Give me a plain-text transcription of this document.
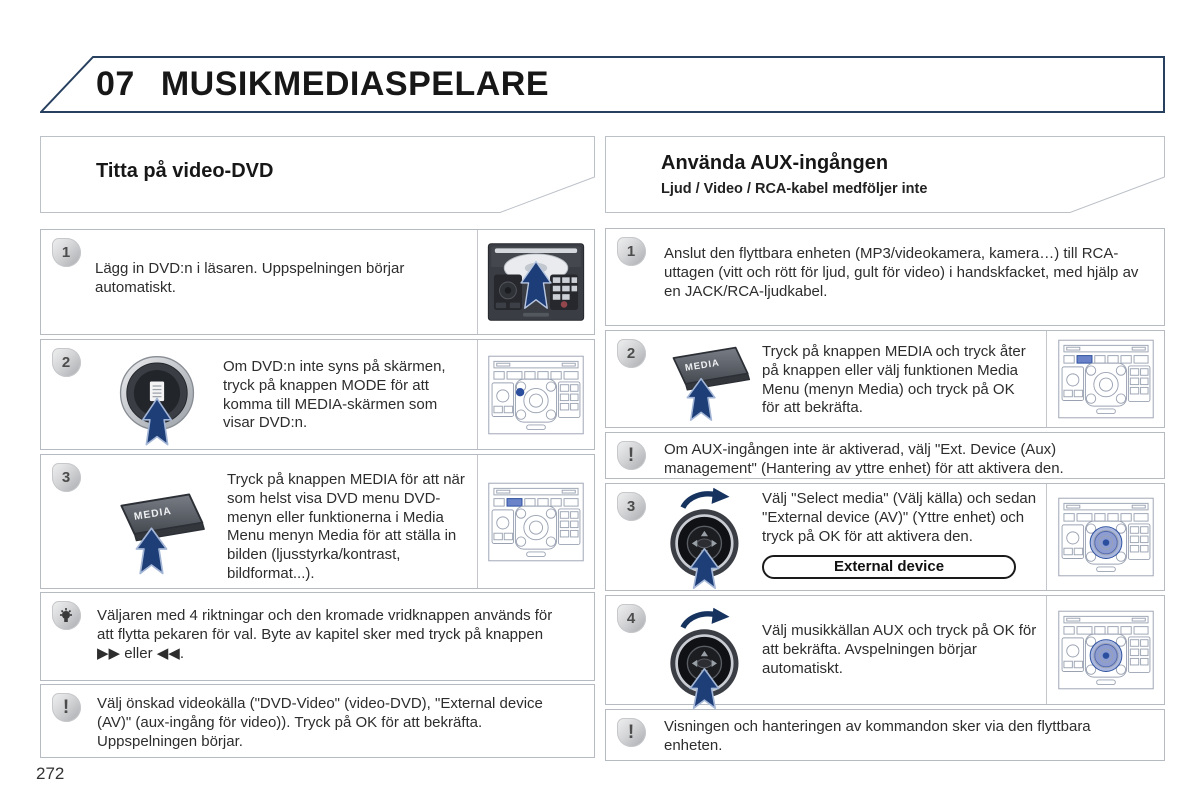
07 MUSIKMEDIASPELARE
Titta på video-DVD	Använda AUX-ingången

Ljud / Video / RCA-kabel medföljer inte

1

Lägg in DVD:n i läsaren. Uppspelningen börjar automatiskt.

2	Om DVD:n inte syns på skärmen, tryck på knappen MODE för att komma till MEDIA-skärmen som visar DVD:n.

3
MEDIA

Tryck på knappen MEDIA för att när som helst visa DVD menu DVD-menyn eller funktionerna i Media Menu menyn Media för att ställa in bilden (ljusstyrka/kontrast, bildformat...).

Väljaren med 4 riktningar och den kromade vridknappen används för att flytta pekaren för val. Byte av kapitel sker med tryck på knappen ▶▶ eller ◀◀.

!	Välj önskad videokälla ("DVD-Video" (video-DVD), "External device (AV)" (aux-ingång för video)). Tryck på OK för att bekräfta. Uppspelningen börjar.

1	Anslut den flyttbara enheten (MP3/videokamera, kamera…) till RCA-uttagen (vitt och rött för ljud, gult för video) i handskfacket, med hjälp av en JACK/RCA-ljudkabel.

2
MEDIA

Tryck på knappen MEDIA och tryck åter på knappen eller välj funktionen Media Menu (menyn Media) och tryck på OK för att bekräfta.

!	Om AUX-ingången inte är aktiverad, välj "Ext. Device (Aux) management" (Hantering av yttre enhet) för att aktivera den.

3	Välj "Select media" (Välj källa) och sedan "External device (AV)" (Yttre enhet) och tryck på OK för att aktivera den.

External device
4

Välj musikkällan AUX och tryck på OK för att bekräfta. Avspelningen börjar automatiskt.

!	Visningen och hanteringen av kommandon sker via den flyttbara enheten.

272
